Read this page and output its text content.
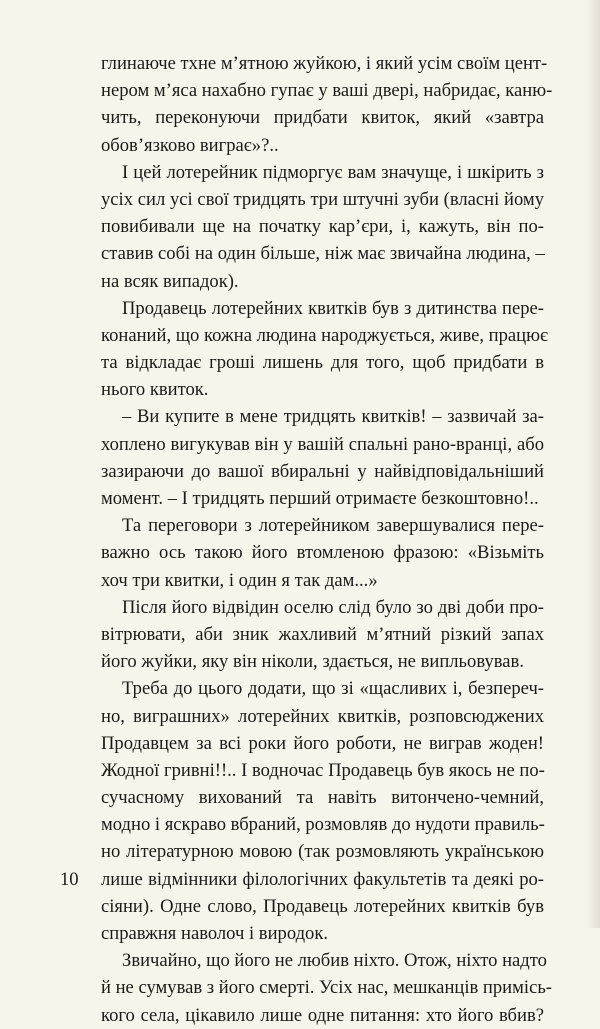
глинаюче тхне м’ятною жуйкою, і який усім своїм цент-
нером м’яса нахабно гупає у ваші двері, набридає, каню-
чить, переконуючи придбати квиток, який «завтра
обов’язково виграє»?..
І цей лотерейник підморгує вам значуще, і шкірить з
усіх сил усі свої тридцять три штучні зуби (власні йому
повибивали ще на початку кар’єри, і, кажуть, він по-
ставив собі на один більше, ніж має звичайна людина, –
на всяк випадок).
Продавець лотерейних квитків був з дитинства пере-
конаний, що кожна людина народжується, живе, працює
та відкладає гроші лишень для того, щоб придбати в
нього квиток.
– Ви купите в мене тридцять квитків! – зазвичай за-
хоплено вигукував він у вашій спальні рано-вранці, або
зазираючи до вашої вбиральні у найвідповідальніший
момент. – І тридцять перший отримаєте безкоштовно!..
Та переговори з лотерейником завершувалися пере-
важно ось такою його втомленою фразою: «Візьміть
хоч три квитки, і один я так дам...»
Після його відвідин оселю слід було зо дві доби про-
вітрювати, аби зник жахливий м’ятний різкий запах
його жуйки, яку він ніколи, здається, не випльовував.
Треба до цього додати, що зі «щасливих і, безпереч-
но, виграшних» лотерейних квитків, розповсюджених
Продавцем за всі роки його роботи, не виграв жоден!
Жодної гривні!!.. І водночас Продавець був якось не по-
сучасному вихований та навіть витончено-чемний,
модно і яскраво вбраний, розмовляв до нудоти правиль-
но літературною мовою (так розмовляють українською
лише відмінники філологічних факультетів та деякі ро-
сіяни). Одне слово, Продавець лотерейних квитків був
справжня наволоч і виродок.
Звичайно, що його не любив ніхто. Отож, ніхто надто
й не сумував з його смерті. Усіх нас, мешканців примісь-
кого села, цікавило лише одне питання: хто його вбив?
10
